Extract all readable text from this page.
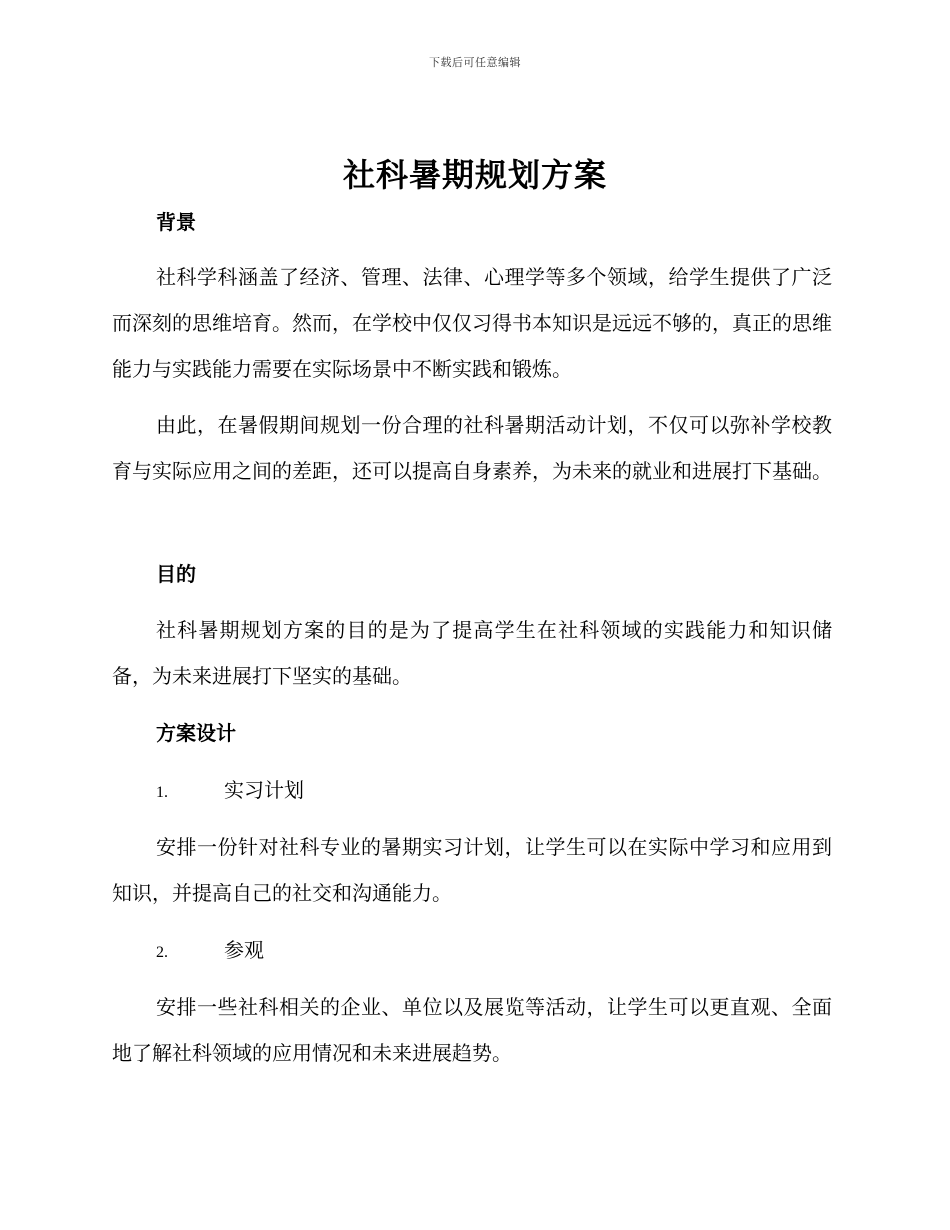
下载后可任意编辑
社科暑期规划方案
背景

社科学科涵盖了经济、管理、法律、心理学等多个领域，给学生提供了广泛而深刻的思维培育。然而，在学校中仅仅习得书本知识是远远不够的，真正的思维能力与实践能力需要在实际场景中不断实践和锻炼。

由此，在暑假期间规划一份合理的社科暑期活动计划，不仅可以弥补学校教育与实际应用之间的差距，还可以提高自身素养，为未来的就业和进展打下基础。

目的

社科暑期规划方案的目的是为了提高学生在社科领域的实践能力和知识储备，为未来进展打下坚实的基础。

方案设计
1.	实习计划

安排一份针对社科专业的暑期实习计划，让学生可以在实际中学习和应用到知识，并提高自己的社交和沟通能力。

2.	参观

安排一些社科相关的企业、单位以及展览等活动，让学生可以更直观、全面地了解社科领域的应用情况和未来进展趋势。
